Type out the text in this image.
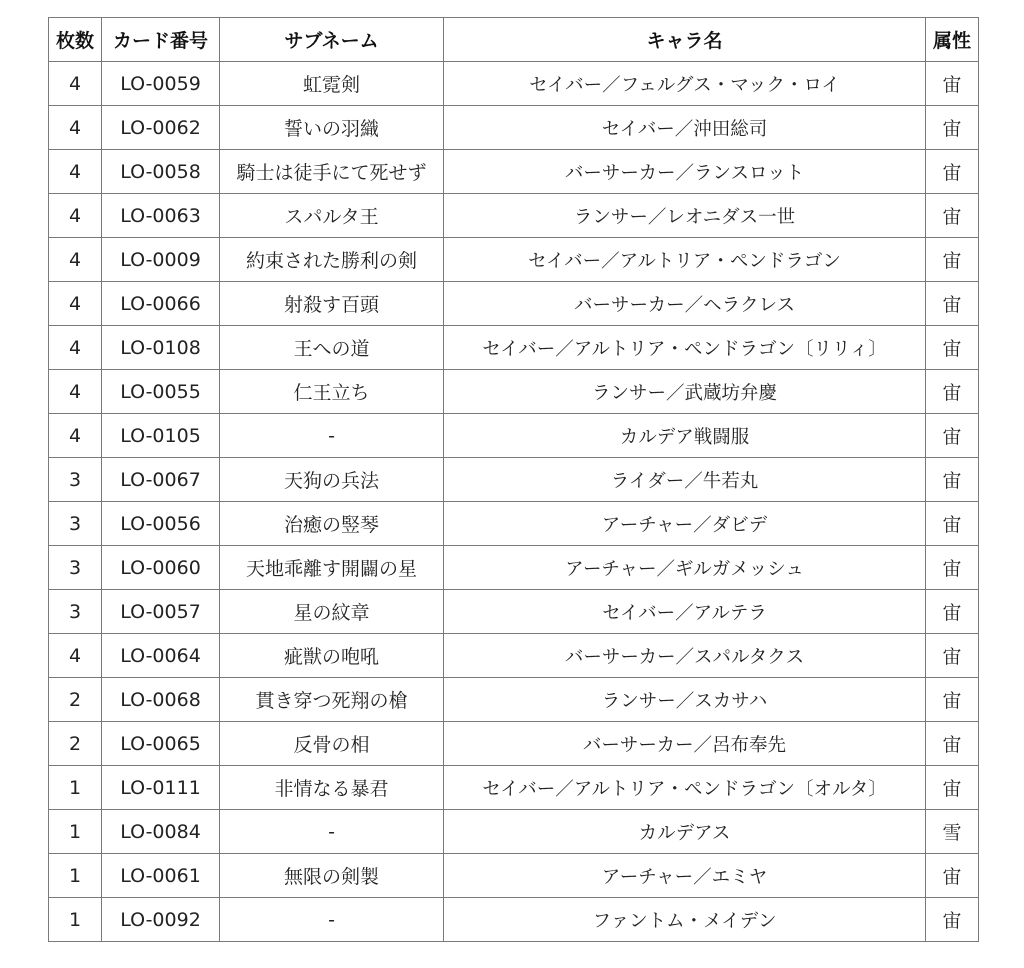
枚数	カード番号	サブネーム	キャラ名	属性
4	LO-0059	虹霓剣	セイバー／フェルグス・マック・ロイ	宙
4	LO-0062	誓いの羽織	セイバー／沖田総司	宙
4	LO-0058	騎士は徒手にて死せず	バーサーカー／ランスロット	宙
4	LO-0063	スパルタ王	ランサー／レオニダス一世	宙
4	LO-0009	約束された勝利の剣	セイバー／アルトリア・ペンドラゴン	宙
4	LO-0066	射殺す百頭	バーサーカー／ヘラクレス	宙
4	LO-0108	王への道	セイバー／アルトリア・ペンドラゴン〔リリィ〕	宙
4	LO-0055	仁王立ち	ランサー／武蔵坊弁慶	宙
4	LO-0105	-	カルデア戦闘服	宙
3	LO-0067	天狗の兵法	ライダー／牛若丸	宙
3	LO-0056	治癒の竪琴	アーチャー／ダビデ	宙
3	LO-0060	天地乖離す開闢の星	アーチャー／ギルガメッシュ	宙
3	LO-0057	星の紋章	セイバー／アルテラ	宙
4	LO-0064	疵獣の咆吼	バーサーカー／スパルタクス	宙
2	LO-0068	貫き穿つ死翔の槍	ランサー／スカサハ	宙
2	LO-0065	反骨の相	バーサーカー／呂布奉先	宙
1	LO-0111	非情なる暴君	セイバー／アルトリア・ペンドラゴン〔オルタ〕	宙
1	LO-0084	-	カルデアス	雪
1	LO-0061	無限の剣製	アーチャー／エミヤ	宙
1	LO-0092	-	ファントム・メイデン	宙
